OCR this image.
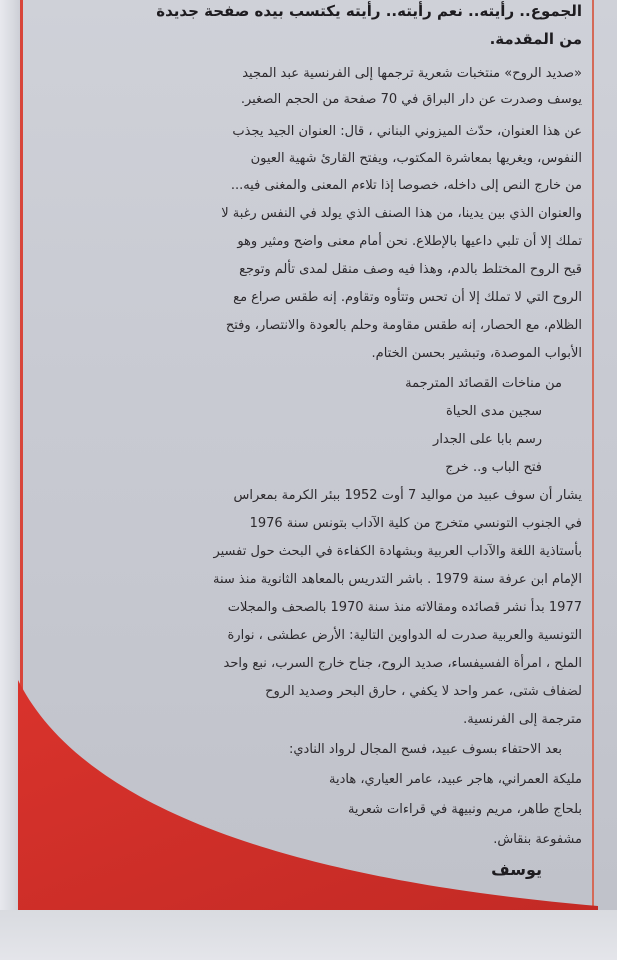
الجموع.. رأيته.. نعم رأيته.. رأيته يكتسب بيده صفحة جديدة
من المقدمة.
«صديد الروح» منتخبات شعرية ترجمها إلى الفرنسية عبد المجيد
يوسف وصدرت عن دار البراق في 70 صفحة من الحجم الصغير.
عن هذا العنوان، حدّث الميزوني البناني ، قال: العنوان الجيد يجذب
النفوس، ويغريها بمعاشرة المكتوب، ويفتح القارئ شهية العيون
من خارج النص إلى داخله، خصوصا إذا تلاءم المعنى والمغنى فيه...
والعنوان الذي بين يدينا، من هذا الصنف الذي يولد في النفس رغبة لا
تملك إلا أن تلبي داعيها بالإطلاع. نحن أمام معنى واضح ومثير وهو
قيح الروح المختلط بالدم، وهذا فيه وصف منقل لمدى تألم وتوجع
الروح التي لا تملك إلا أن تحس وتتأوه وتقاوم. إنه طقس صراع مع
الظلام، مع الحصار، إنه طقس مقاومة وحلم بالعودة والانتصار، وفتح
الأبواب الموصدة، وتبشير بحسن الختام.
من مناخات القصائد المترجمة
سجين مدى الحياة
رسم بابا على الجدار
فتح الباب و.. خرج
يشار أن سوف عبيد من مواليد 7 أوت 1952 ببئر الكرمة بمعراس
في الجنوب التونسي متخرج من كلية الآداب بتونس سنة 1976
بأستاذية اللغة والآداب العربية وبشهادة الكفاءة في البحث حول تفسير
الإمام ابن عرفة سنة 1979 . باشر التدريس بالمعاهد الثانوية منذ سنة
1977 بدأ نشر قصائده ومقالاته منذ سنة 1970 بالصحف والمجلات
التونسية والعربية صدرت له الدواوين التالية: الأرض عطشى ، نوارة
الملح ، امرأة الفسيفساء، صديد الروح، جناح خارج السرب، نبع واحد
لضفاف شتى، عمر واحد لا يكفي ، حارق البحر وصديد الروح
مترجمة إلى الفرنسية.
بعد الاحتفاء بسوف عبيد، فسح المجال لرواد النادي:
مليكة العمراني، هاجر عبيد، عامر العياري، هادية
بلحاج طاهر، مريم ونبيهة في قراءات شعرية
مشفوعة بنقاش.
يوسف
